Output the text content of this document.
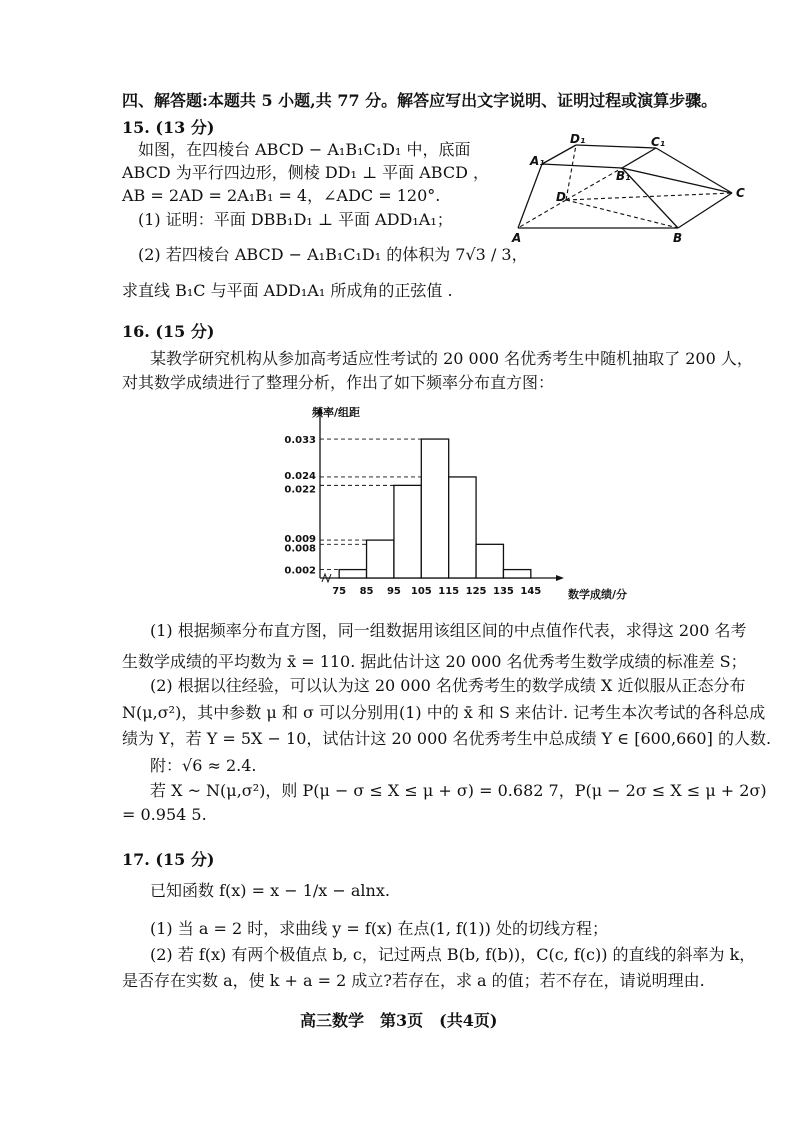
四、解答题:本题共 5 小题,共 77 分。解答应写出文字说明、证明过程或演算步骤。
15. (13 分)
如图，在四棱台 ABCD − A₁B₁C₁D₁ 中，底面
ABCD 为平行四边形，侧棱 DD₁ ⊥ 平面 ABCD ，
AB = 2AD = 2A₁B₁ = 4，∠ADC = 120°.
(1) 证明：平面 DBB₁D₁ ⊥ 平面 ADD₁A₁；
(2) 若四棱台 ABCD − A₁B₁C₁D₁ 的体积为 7√3 / 3，
求直线 B₁C 与平面 ADD₁A₁ 所成角的正弦值 .
A₁
D₁	C₁
B₁
D	C
A	B
16. (15 分)
某教学研究机构从参加高考适应性考试的 20 000 名优秀考生中随机抽取了 200 人，
对其数学成绩进行了整理分析，作出了如下频率分布直方图：
频率/组距
数学成绩/分
0.002
0.008
0.009
0.022
0.024
0.033
75 85 95 105 115 125 135 145
(1) 根据频率分布直方图，同一组数据用该组区间的中点值作代表，求得这 200 名考
生数学成绩的平均数为 x̄ = 110. 据此估计这 20 000 名优秀考生数学成绩的标准差 S；
(2) 根据以往经验，可以认为这 20 000 名优秀考生的数学成绩 X 近似服从正态分布
N(μ,σ²)，其中参数 μ 和 σ 可以分别用(1) 中的 x̄ 和 S 来估计. 记考生本次考试的各科总成
绩为 Y，若 Y = 5X − 10，试估计这 20 000 名优秀考生中总成绩 Y ∈ [600,660] 的人数.
附：√6 ≈ 2.4.
若 X ~ N(μ,σ²)，则 P(μ − σ ≤ X ≤ μ + σ) = 0.682 7，P(μ − 2σ ≤ X ≤ μ + 2σ)
= 0.954 5.
17. (15 分)
已知函数 f(x) = x − 1/x − alnx.
(1) 当 a = 2 时，求曲线 y = f(x) 在点(1, f(1)) 处的切线方程；
(2) 若 f(x) 有两个极值点 b, c，记过两点 B(b, f(b))，C(c, f(c)) 的直线的斜率为 k，
是否存在实数 a，使 k + a = 2 成立?若存在，求 a 的值；若不存在，请说明理由.
高三数学　第3页　(共4页)
